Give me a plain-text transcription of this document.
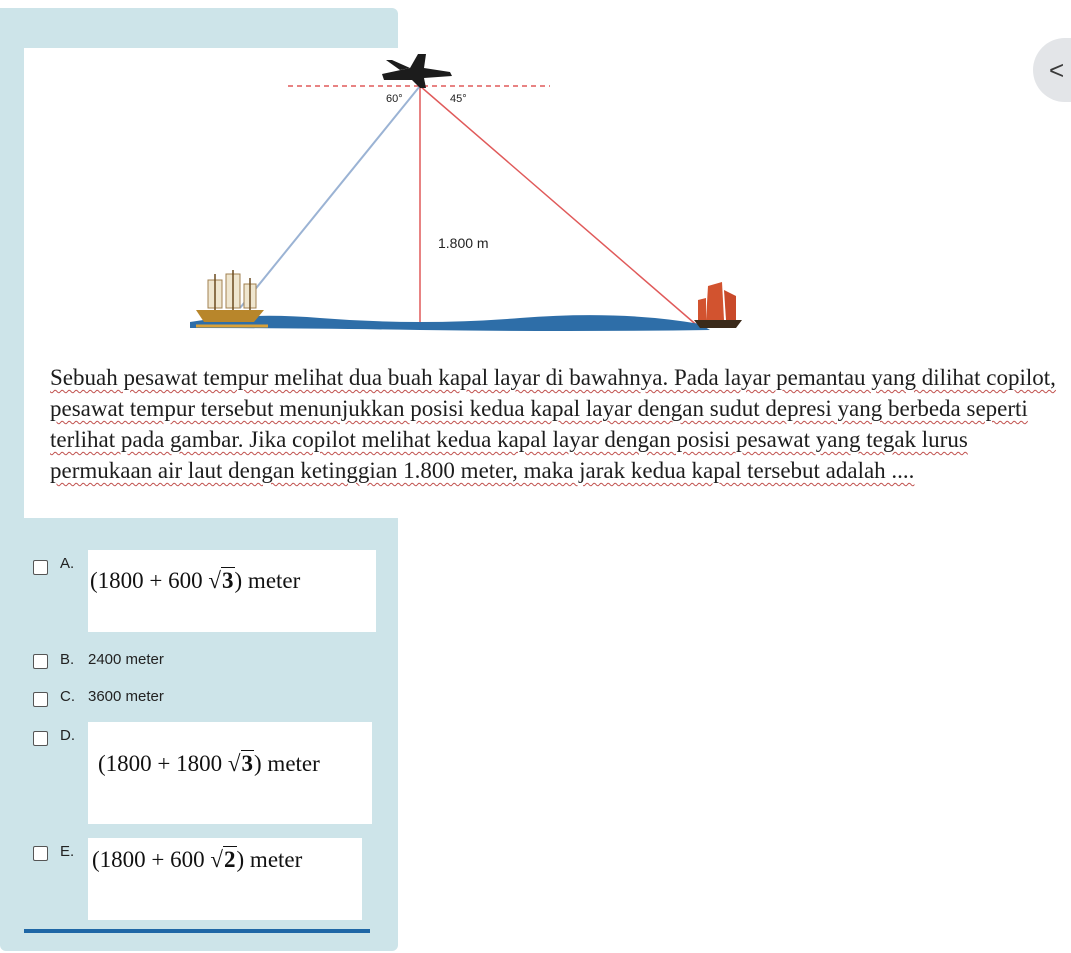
<
60°	45°
1.800 m

Sebuah pesawat tempur melihat dua buah kapal layar di bawahnya. Pada layar pemantau yang dilihat copilot, pesawat tempur tersebut menunjukkan posisi kedua kapal layar dengan sudut depresi yang berbeda seperti terlihat pada gambar. Jika copilot melihat kedua kapal layar dengan posisi pesawat yang tegak lurus permukaan air laut dengan ketinggian 1.800 meter, maka jarak kedua kapal tersebut adalah ....

A.
(1800 + 600 √3) meter
B. 2400 meter
C. 3600 meter
D.
(1800 + 1800 √3) meter
E. (1800 + 600 √2) meter
